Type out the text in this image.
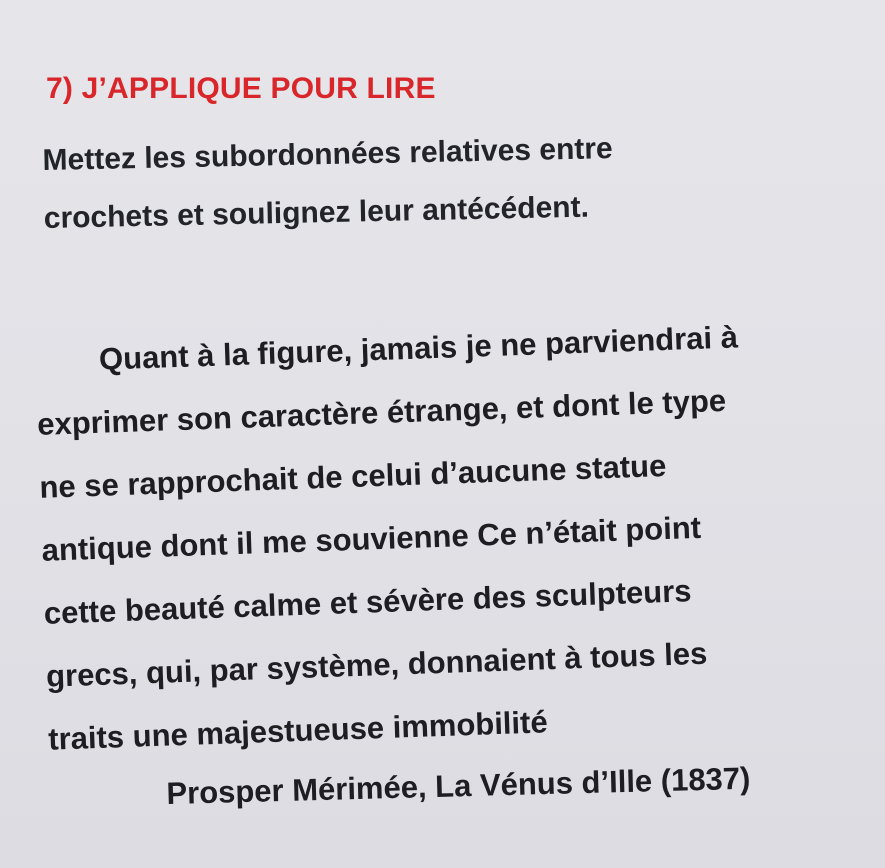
7) J’APPLIQUE POUR LIRE
Mettez les subordonnées relatives entre
crochets et soulignez leur antécédent.
Quant à la figure, jamais je ne parviendrai à
exprimer son caractère étrange, et dont le type
ne se rapprochait de celui d’aucune statue
antique dont il me souvienne Ce n’était point
cette beauté calme et sévère des sculpteurs
grecs, qui, par système, donnaient à tous les
traits une majestueuse immobilité
Prosper Mérimée, La Vénus d’Ille (1837)
